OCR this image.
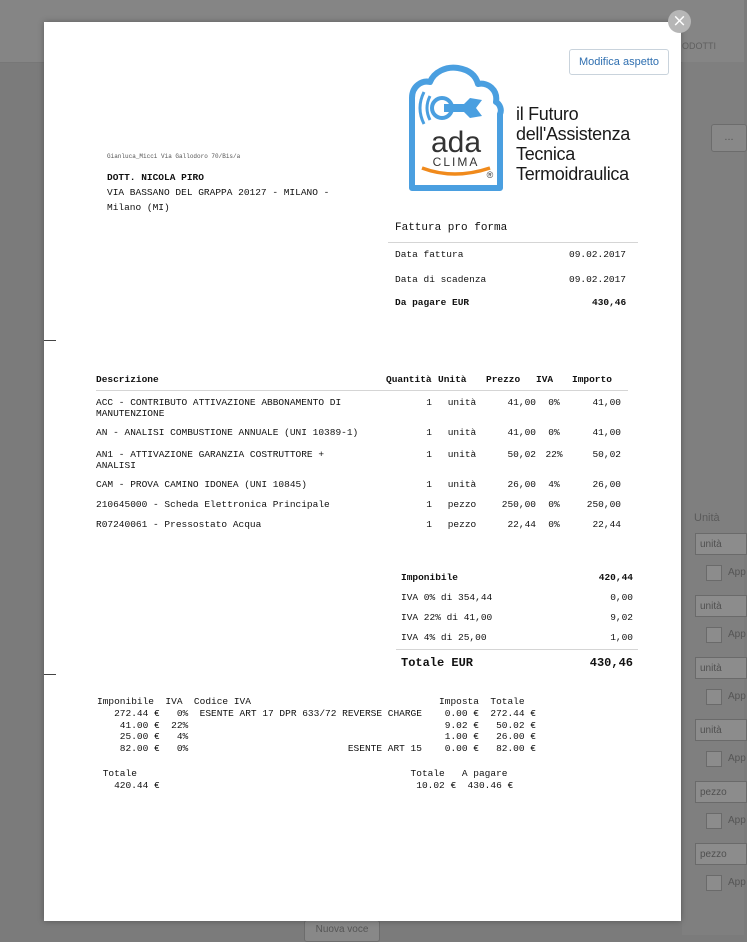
ODOTTI
...
Unità
unità
App
unità
App
unità
App
unità
App
pezzo
App
pezzo
App
Nuova voce
Modifica aspetto
ada
CLIMA
®
il Futuro
dell'Assistenza
Tecnica
Termoidraulica
Gianluca_Micci Via Gallodoro 70/Bis/a
DOTT. NICOLA PIRO
VIA BASSANO DEL GRAPPA 20127 - MILANO -
Milano (MI)
Fattura pro forma
Data fattura	09.02.2017
Data di scadenza	09.02.2017
Da pagare EUR	430,46
Descrizione	Quantità	Unità	Prezzo	IVA	Importo

ACC - CONTRIBUTO ATTIVAZIONE ABBONAMENTO DI
MANUTENZIONE	1	unità	41,00	0%	41,00

AN - ANALISI COMBUSTIONE ANNUALE (UNI 10389-1)	1	unità	41,00	0%	41,00

AN1 - ATTIVAZIONE GARANZIA COSTRUTTORE +
ANALISI	1	unità	50,02	22%	50,02

CAM - PROVA CAMINO IDONEA (UNI 10845)	1	unità	26,00	4%	26,00

210645000 - Scheda Elettronica Principale	1	pezzo	250,00	0%	250,00

R07240061 - Pressostato Acqua	1	pezzo	22,44	0%	22,44
Imponibile	420,44
IVA 0% di 354,44	0,00
IVA 22% di 41,00	9,02
IVA 4% di 25,00	1,00
Totale EUR	430,46
Imponibile  IVA  Codice IVA                                 Imposta  Totale
272.44 €   0%  ESENTE ART 17 DPR 633/72 REVERSE CHARGE    0.00 €  272.44 €
41.00 €  22%                                             9.02 €   50.02 €
25.00 €   4%                                             1.00 €   26.00 €
82.00 €   0%                            ESENTE ART 15    0.00 €   82.00 €
Totale                                                Totale   A pagare
420.44 €                                             10.02 €  430.46 €
×
